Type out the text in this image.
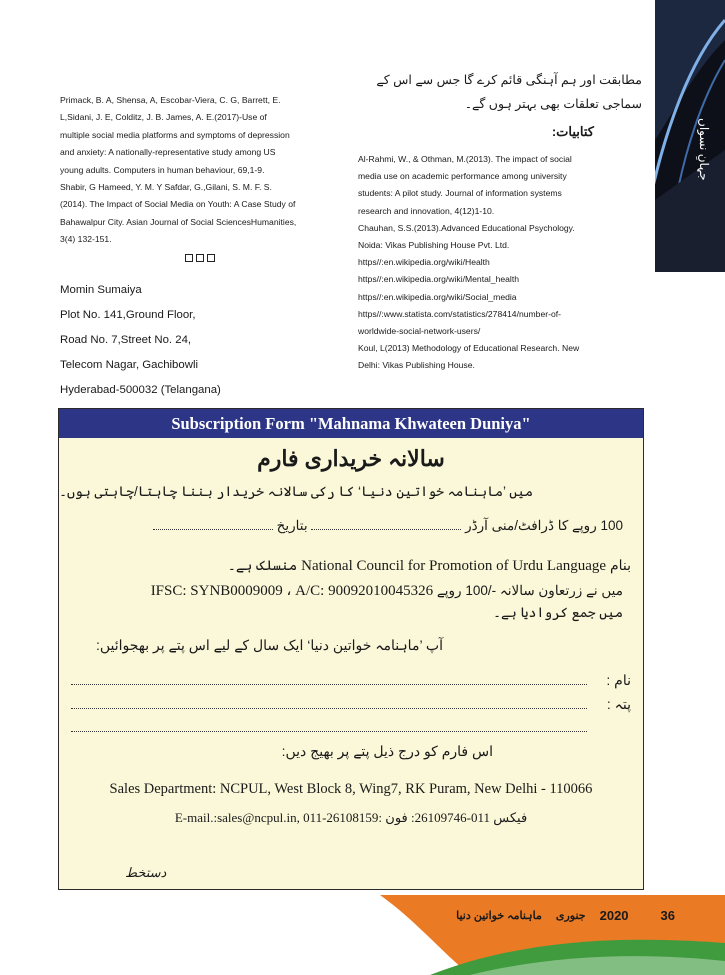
جہانِ نسواں

Primack, B. A, Shensa, A, Escobar-Viera, C. G, Barrett, E.

L,Sidani, J. E, Colditz, J. B. James, A. E.(2017)-Use of

multiple social media platforms and symptoms of depression

and anxiety: A nationally-representative study among US

young adults. Computers in human behaviour, 69,1-9.

Shabir, G Hameed, Y. M. Y Safdar, G.,Gilani, S. M. F. S.

(2014). The Impact of Social Media on Youth: A Case Study of

Bahawalpur City. Asian Journal of Social SciencesHumanities,

3(4) 132-151.

Momin Sumaiya
Plot No. 141,Ground Floor,
Road No. 7,Street No. 24,
Telecom Nagar, Gachibowli
Hyderabad-500032 (Telangana)
مطابقت اور ہم آہنگی قائم کرے گا جس سے اس کے سماجی تعلقات بھی بہتر ہوں گے۔
کتابیات:

Al-Rahmi, W., & Othman, M.(2013). The impact of social

media use on academic performance among university

students: A pilot study. Journal of information systems

research and innovation, 4(12)1-10.

Chauhan, S.S.(2013).Advanced Educational Psychology.

Noida: Vikas Publishing House Pvt. Ltd.

https//:en.wikipedia.org/wiki/Health

https//:en.wikipedia.org/wiki/Mental_health

https//:en.wikipedia.org/wiki/Social_media

https//:www.statista.com/statistics/278414/number-of-

worldwide-social-network-users/

Koul, L(2013) Methodology of Educational Research. New

Delhi: Vikas Publishing House.

Subscription Form "Mahnama Khwateen Duniya"
سالانہ خریداری فارم
میں ’ماہنامہ خواتین دنیا‘ کا رکی سالانہ خریدار بننا چاہتا/چاہتی ہوں۔
100 روپے کا ڈرافٹ/منی آرڈر  بتاریخ
بنام National Council for Promotion of Urdu Language منسلک ہے۔
میں نے زرتعاون سالانہ -/100 روپے IFSC: SYNB0009009 ، A/C: 90092010045326
میں جمع کروادیا ہے۔
آپ ’ماہنامہ خواتین دنیا‘ ایک سال کے لیے اس پتے پر بھجوائیں:
نام :
پتہ :
اس فارم کو درج ذیل پتے پر بھیج دیں:
Sales Department: NCPUL, West Block 8, Wing7, RK Puram, New Delhi - 110066
E-mail.:sales@ncpul.in, 011-26108159:	فیکس 011-26109746: فون
دستخط
ماہنامہ خواتین دنیا جنوری 2020 36
